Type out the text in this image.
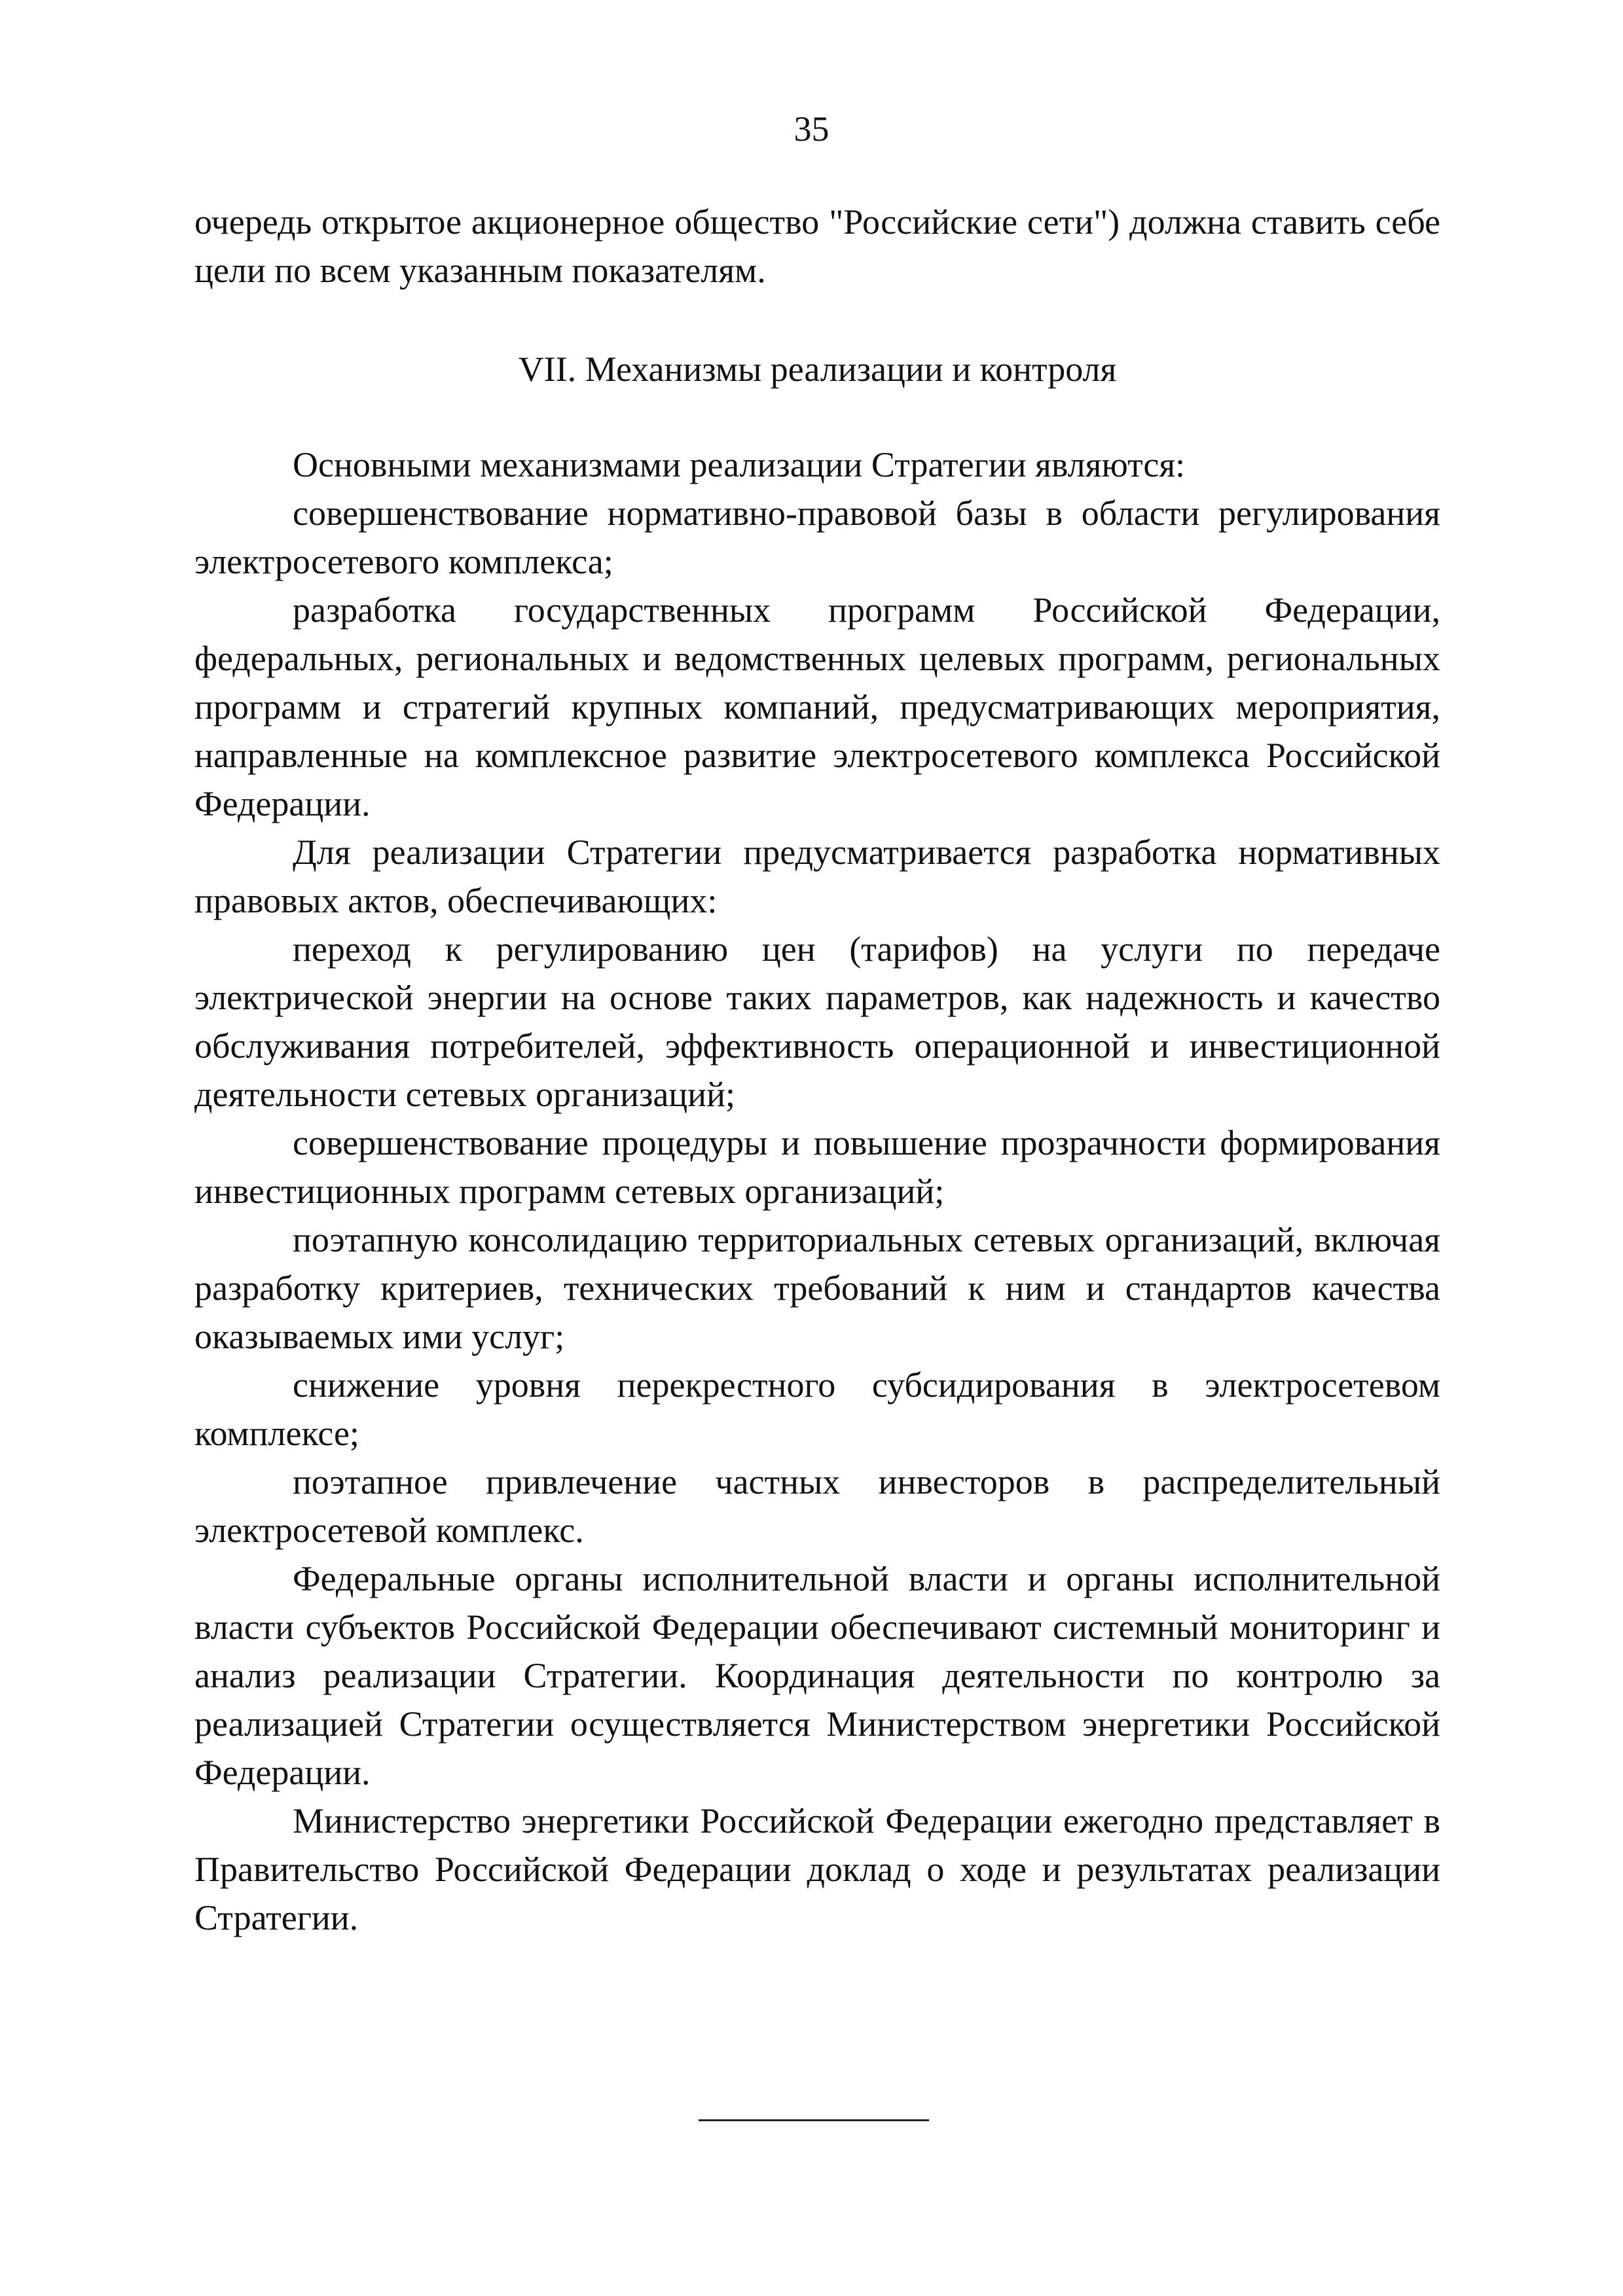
35

очередь открытое акционерное общество "Российские сети") должна ставить себе цели по всем указанным показателям.

VII. Механизмы реализации и контроля

Основными механизмами реализации Стратегии являются:

совершенствование нормативно-правовой базы в области регулирования электросетевого комплекса;

разработка государственных программ Российской Федерации, федеральных, региональных и ведомственных целевых программ, региональных программ и стратегий крупных компаний, предусматривающих мероприятия, направленные на комплексное развитие электросетевого комплекса Российской Федерации.

Для реализации Стратегии предусматривается разработка нормативных правовых актов, обеспечивающих:

переход к регулированию цен (тарифов) на услуги по передаче электрической энергии на основе таких параметров, как надежность и качество обслуживания потребителей, эффективность операционной и инвестиционной деятельности сетевых организаций;

совершенствование процедуры и повышение прозрачности формирования инвестиционных программ сетевых организаций;

поэтапную консолидацию территориальных сетевых организаций, включая разработку критериев, технических требований к ним и стандартов качества оказываемых ими услуг;

снижение уровня перекрестного субсидирования в электросетевом комплексе;

поэтапное привлечение частных инвесторов в распределительный электросетевой комплекс.

Федеральные органы исполнительной власти и органы исполнительной власти субъектов Российской Федерации обеспечивают системный мониторинг и анализ реализации Стратегии. Координация деятельности по контролю за реализацией Стратегии осуществляется Министерством энергетики Российской Федерации.

Министерство энергетики Российской Федерации ежегодно представляет в Правительство Российской Федерации доклад о ходе и результатах реализации Стратегии.
